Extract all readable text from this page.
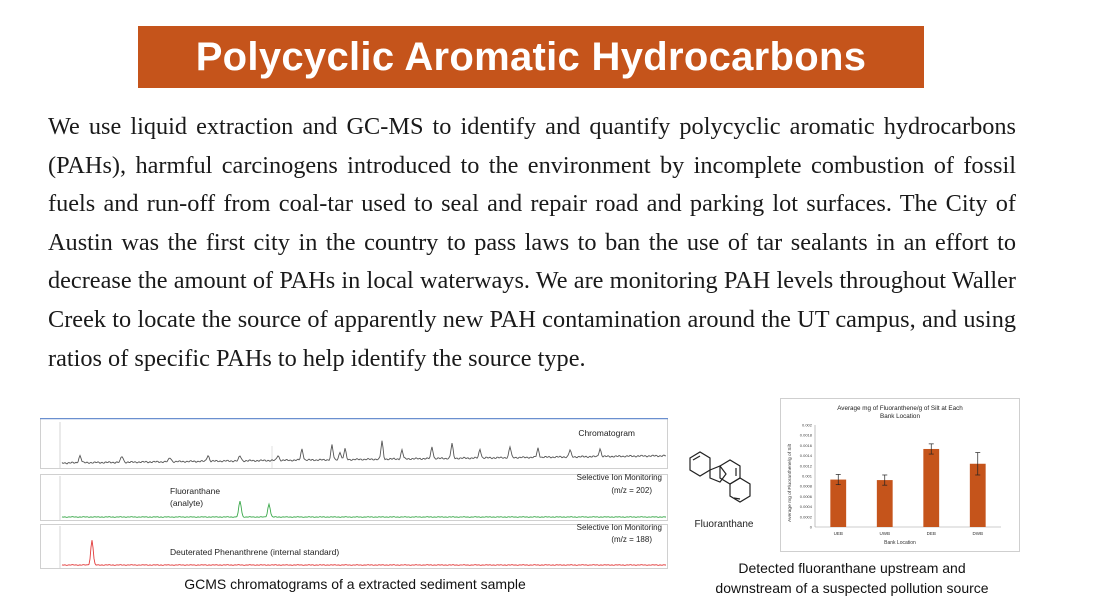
Polycyclic Aromatic Hydrocarbons
We use liquid extraction and GC-MS to identify and quantify polycyclic aromatic hydrocarbons (PAHs), harmful carcinogens introduced to the environment by incomplete combustion of fossil fuels and run-off from coal-tar used to seal and repair road and parking lot surfaces. The City of Austin was the first city in the country to pass laws to ban the use of tar sealants in an effort to decrease the amount of PAHs in local waterways. We are monitoring PAH levels throughout Waller Creek to locate the source of apparently new PAH contamination around the UT campus, and using ratios of specific PAHs to help identify the source type.
Chromatogram
Selective Ion Monitoring
(m/z = 202)
Fluoranthane
(analyte)
Selective Ion Monitoring
(m/z = 188)
Deuterated Phenanthrene (internal standard)
GCMS chromatograms of a extracted sediment sample
Fluoranthane
Average mg of Fluoranthene/g of Silt at Each
Bank Location
Bank Location
Average mg of Fluoranthene/g of Silt
0
0.0002
0.0004
0.0006
0.0008
0.001
0.0012
0.0014
0.0016
0.0018
0.002
UEB	UWB	DEB	DWB
Detected fluoranthane upstream and
downstream of a suspected pollution source
